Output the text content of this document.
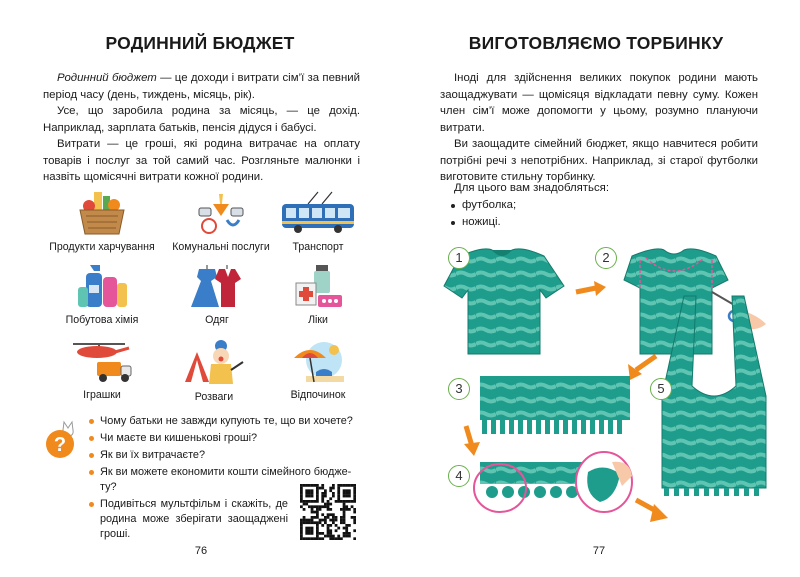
РОДИННИЙ БЮДЖЕТ
Родинний бюджет — це доходи і витрати сім’ї за певний період часу (день, тиждень, місяць, рік).
Усе, що заробила родина за місяць, — це дохід. Наприклад, зарплата батьків, пенсія дідуся і бабусі.
Витрати — це гроші, які родина витрачає на оплату товарів і послуг за той самий час. Розгляньте малюнки і назвіть щомісячні витрати кожної родини.
Продукти харчування	Комунальні послуги	Транспорт
Побутова хімія	Одяг	Ліки
Іграшки	Розваги	Відпочинок
?
Чому батьки не завжди купують те, що ви хочете?
Чи маєте ви кишенькові гроші?
Як ви їх витрачаєте?
Як ви можете економити кошти сімейного бюдже-ту?
Подивіться мультфільм і скажіть, де родина може зберігати заощаджені гроші.
76
ВИГОТОВЛЯЄМО ТОРБИНКУ
Іноді для здійснення великих покупок родини мають заощаджувати — щомісяця відкладати певну суму. Кожен член сім’ї може допомогти у цьому, розумно плануючи витрати.
Ви заощадите сімейний бюджет, якщо навчитеся робити потрібні речі з непотрібних. Наприклад, зі старої футболки виготовите стильну торбинку.
Для цього вам знадобляться:
футболка;
ножиці.
1	2
3	5
4
77
